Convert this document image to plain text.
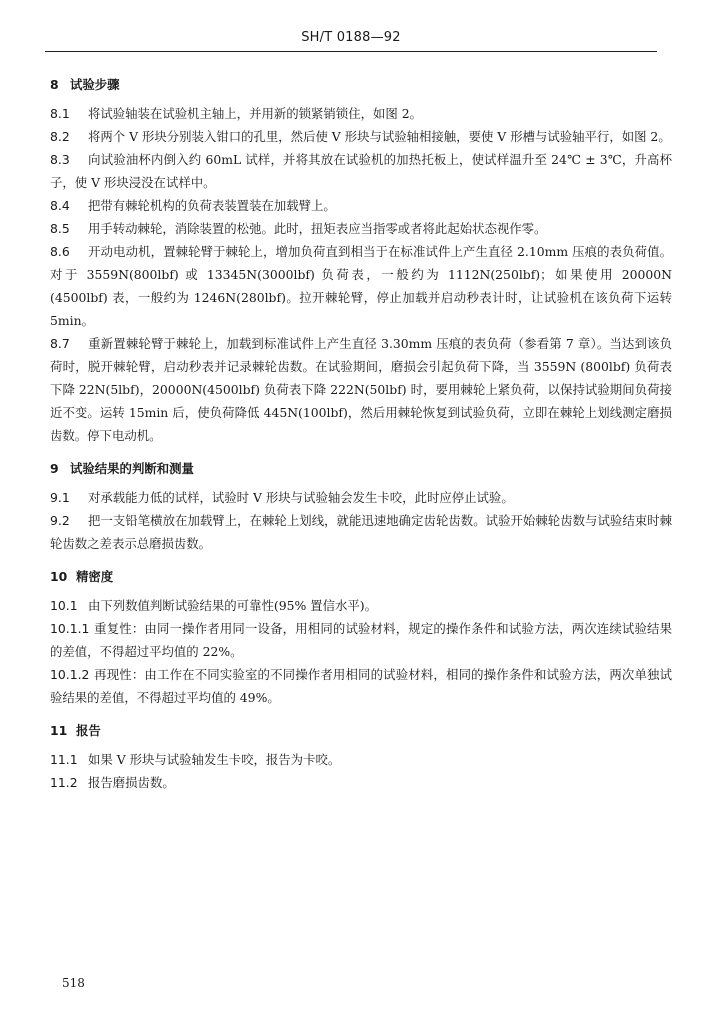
SH/T 0188—92
8 试验步骤

8.1 将试验轴装在试验机主轴上，并用新的锁紧销锁住，如图 2。

8.2 将两个 V 形块分别装入钳口的孔里，然后使 V 形块与试验轴相接触，要使 V 形槽与试验轴平行，如图 2。

8.3 向试验油杯内倒入约 60mL 试样，并将其放在试验机的加热托板上，使试样温升至 24℃ ± 3℃，升高杯子，使 V 形块浸没在试样中。

8.4 把带有棘轮机构的负荷表装置装在加载臂上。

8.5 用手转动棘轮，消除装置的松弛。此时，扭矩表应当指零或者将此起始状态视作零。

8.6 开动电动机，置棘轮臂于棘轮上，增加负荷直到相当于在标准试件上产生直径 2.10mm 压痕的表负荷值。对于 3559N(800lbf) 或 13345N(3000lbf) 负荷表，一般约为 1112N(250lbf)；如果使用 20000N (4500lbf) 表，一般约为 1246N(280lbf)。拉开棘轮臂，停止加载并启动秒表计时，让试验机在该负荷下运转 5min。

8.7 重新置棘轮臂于棘轮上，加载到标准试件上产生直径 3.30mm 压痕的表负荷（参看第 7 章）。当达到该负荷时，脱开棘轮臂，启动秒表并记录棘轮齿数。在试验期间，磨损会引起负荷下降，当 3559N (800lbf) 负荷表下降 22N(5lbf)，20000N(4500lbf) 负荷表下降 222N(50lbf) 时，要用棘轮上紧负荷，以保持试验期间负荷接近不变。运转 15min 后，使负荷降低 445N(100lbf)，然后用棘轮恢复到试验负荷，立即在棘轮上划线测定磨损齿数。停下电动机。

9 试验结果的判断和测量

9.1 对承载能力低的试样，试验时 V 形块与试验轴会发生卡咬，此时应停止试验。

9.2 把一支铅笔横放在加载臂上，在棘轮上划线，就能迅速地确定齿轮齿数。试验开始棘轮齿数与试验结束时棘轮齿数之差表示总磨损齿数。

10 精密度

10.1 由下列数值判断试验结果的可靠性(95% 置信水平)。

10.1.1 重复性：由同一操作者用同一设备，用相同的试验材料，规定的操作条件和试验方法，两次连续试验结果的差值，不得超过平均值的 22%。

10.1.2 再现性：由工作在不同实验室的不同操作者用相同的试验材料，相同的操作条件和试验方法，两次单独试验结果的差值，不得超过平均值的 49%。

11 报告

11.1 如果 V 形块与试验轴发生卡咬，报告为卡咬。

11.2 报告磨损齿数。

518
